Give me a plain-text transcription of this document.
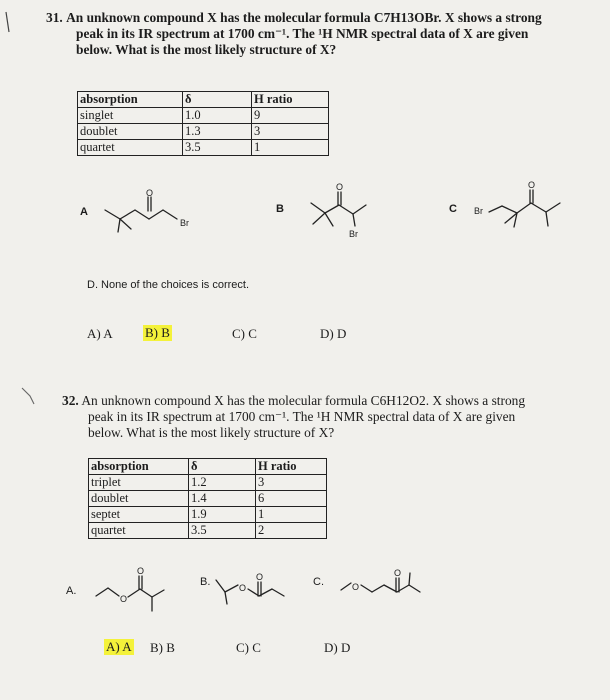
31. An unknown compound X has the molecular formula C7H13OBr. X shows a strong
peak in its IR spectrum at 1700 cm⁻¹. The ¹H NMR spectral data of X are given
below. What is the most likely structure of X?
absorption	δ	H ratio
singlet	1.0	9
doublet	1.3	3
quartet	3.5	1
A
O
Br
B
O
Br
C Br
O
D. None of the choices is correct.
A) A B) B	C) C	D) D
32. An unknown compound X has the molecular formula C6H12O2. X shows a strong
peak in its IR spectrum at 1700 cm⁻¹. The ¹H NMR spectral data of X are given
below. What is the most likely structure of X?
absorption	δ	H ratio
triplet	1.2	3
doublet	1.4	6
septet	1.9	1
quartet	3.5	2
A.
O
O
B.	O
O	C.	O
O
A) A B) B	C) C	D) D
